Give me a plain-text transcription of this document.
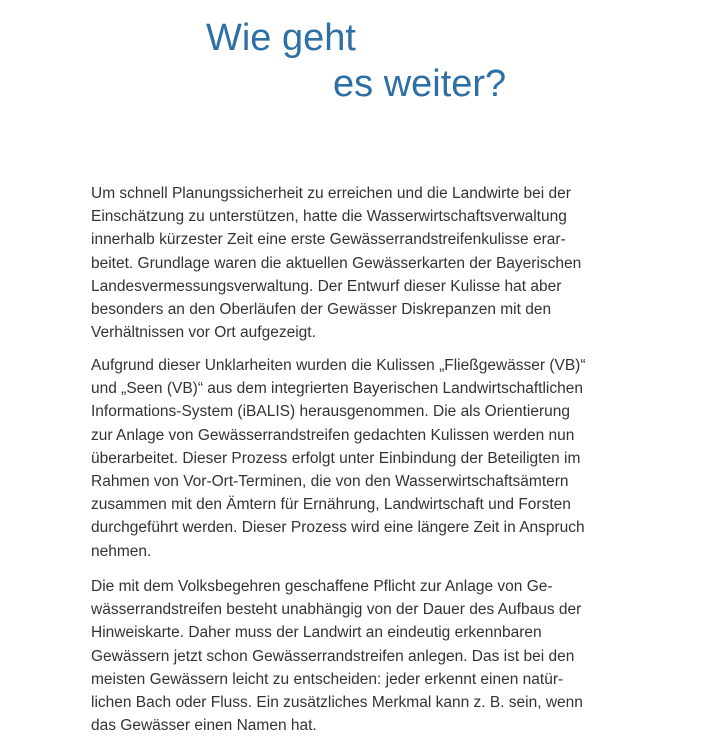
Wie geht
es weiter?
Um schnell Planungssicherheit zu erreichen und die Landwirte bei der
Einschätzung zu unterstützen, hatte die Wasserwirtschaftsverwaltung
innerhalb kürzester Zeit eine erste Gewässerrandstreifenkulisse erar-
beitet. Grundlage waren die aktuellen Gewässerkarten der Bayerischen
Landesvermessungsverwaltung. Der Entwurf dieser Kulisse hat aber
besonders an den Oberläufen der Gewässer Diskrepanzen mit den
Verhältnissen vor Ort aufgezeigt.
Aufgrund dieser Unklarheiten wurden die Kulissen „Fließgewässer (VB)“
und „Seen (VB)“ aus dem integrierten Bayerischen Landwirtschaftlichen
Informations-System (iBALIS) herausgenommen. Die als Orientierung
zur Anlage von Gewässerrandstreifen gedachten Kulissen werden nun
überarbeitet. Dieser Prozess erfolgt unter Einbindung der Beteiligten im
Rahmen von Vor-Ort-Terminen, die von den Wasserwirtschaftsämtern
zusammen mit den Ämtern für Ernährung, Landwirtschaft und Forsten
durchgeführt werden. Dieser Prozess wird eine längere Zeit in Anspruch
nehmen.
Die mit dem Volksbegehren geschaffene Pflicht zur Anlage von Ge-
wässerrandstreifen besteht unabhängig von der Dauer des Aufbaus der
Hinweiskarte. Daher muss der Landwirt an eindeutig erkennbaren
Gewässern jetzt schon Gewässerrandstreifen anlegen. Das ist bei den
meisten Gewässern leicht zu entscheiden: jeder erkennt einen natür-
lichen Bach oder Fluss. Ein zusätzliches Merkmal kann z. B. sein, wenn
das Gewässer einen Namen hat.
